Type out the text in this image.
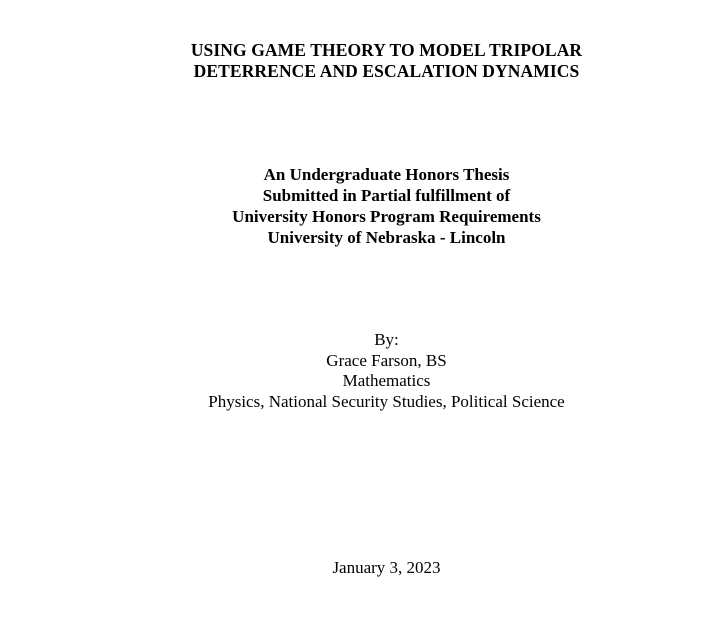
USING GAME THEORY TO MODEL TRIPOLAR
DETERRENCE AND ESCALATION DYNAMICS
An Undergraduate Honors Thesis
Submitted in Partial fulfillment of
University Honors Program Requirements
University of Nebraska - Lincoln
By:
Grace Farson, BS
Mathematics
Physics, National Security Studies, Political Science
January 3, 2023
